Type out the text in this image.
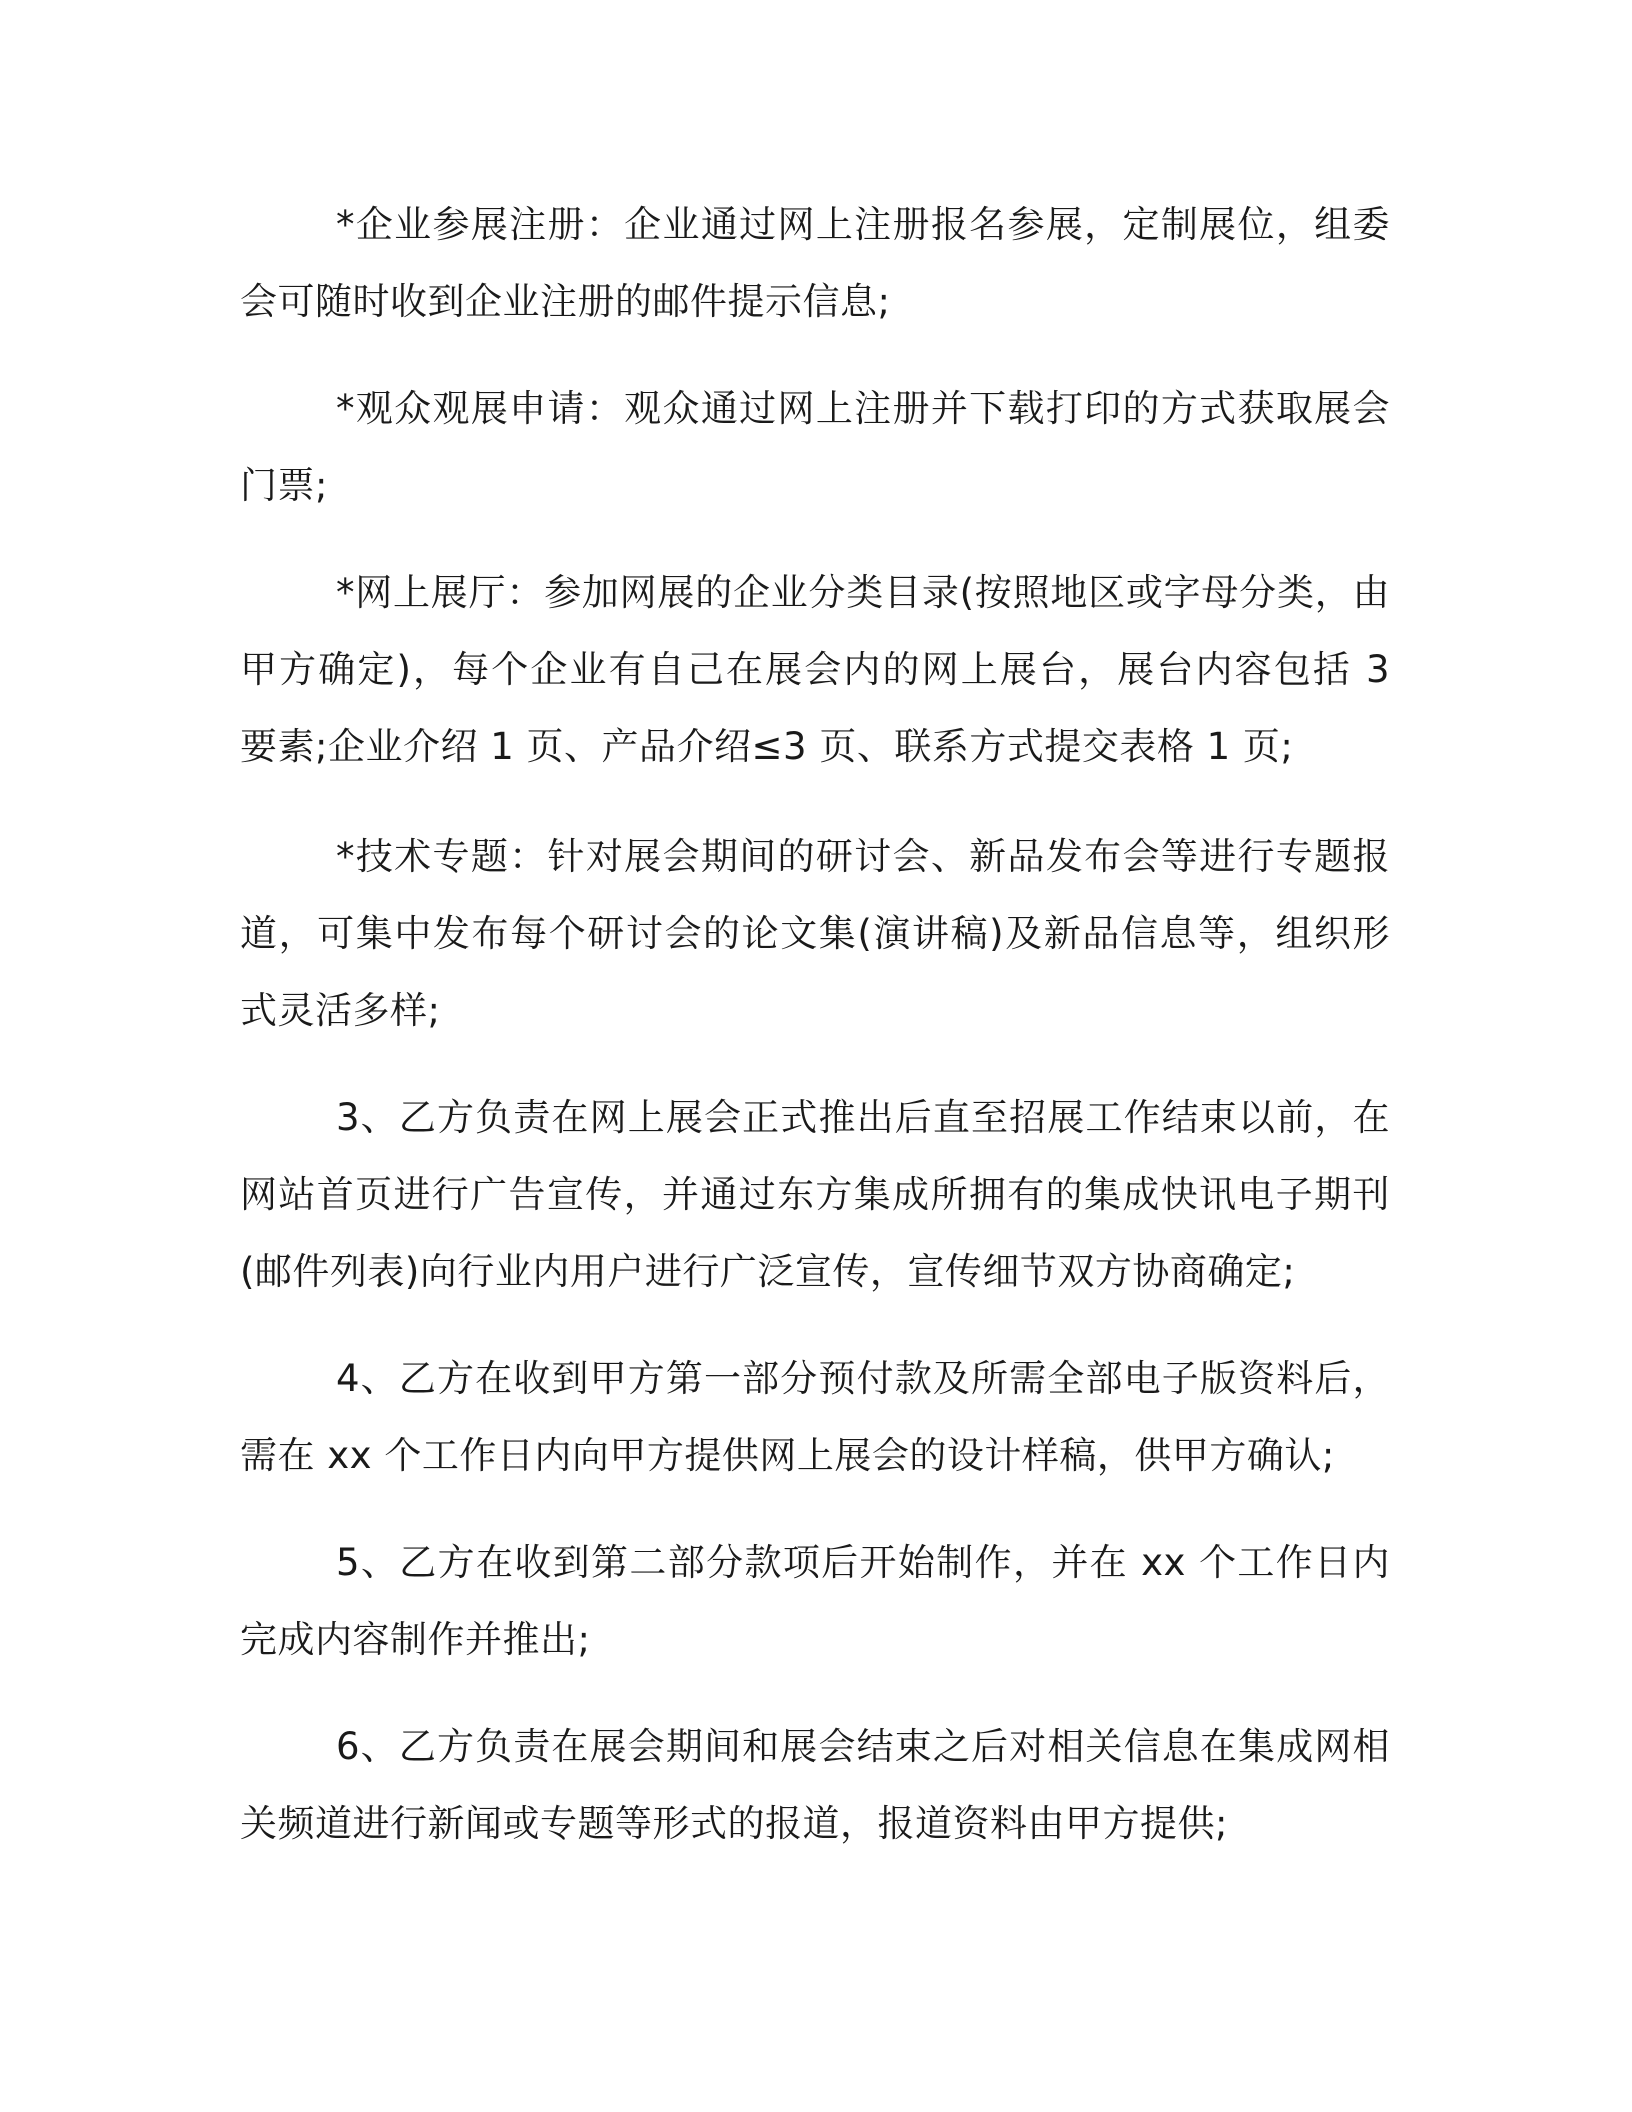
*企业参展注册：企业通过网上注册报名参展，定制展位，组委会可随时收到企业注册的邮件提示信息;

*观众观展申请：观众通过网上注册并下载打印的方式获取展会门票;

*网上展厅：参加网展的企业分类目录(按照地区或字母分类，由甲方确定)，每个企业有自己在展会内的网上展台，展台内容包括 3 要素;企业介绍 1 页、产品介绍≤3 页、联系方式提交表格 1 页;

*技术专题：针对展会期间的研讨会、新品发布会等进行专题报道，可集中发布每个研讨会的论文集(演讲稿)及新品信息等，组织形式灵活多样;

3、乙方负责在网上展会正式推出后直至招展工作结束以前，在网站首页进行广告宣传，并通过东方集成所拥有的集成快讯电子期刊(邮件列表)向行业内用户进行广泛宣传，宣传细节双方协商确定;

4、乙方在收到甲方第一部分预付款及所需全部电子版资料后，需在 xx 个工作日内向甲方提供网上展会的设计样稿，供甲方确认;

5、乙方在收到第二部分款项后开始制作，并在 xx 个工作日内完成内容制作并推出;

6、乙方负责在展会期间和展会结束之后对相关信息在集成网相关频道进行新闻或专题等形式的报道，报道资料由甲方提供;
